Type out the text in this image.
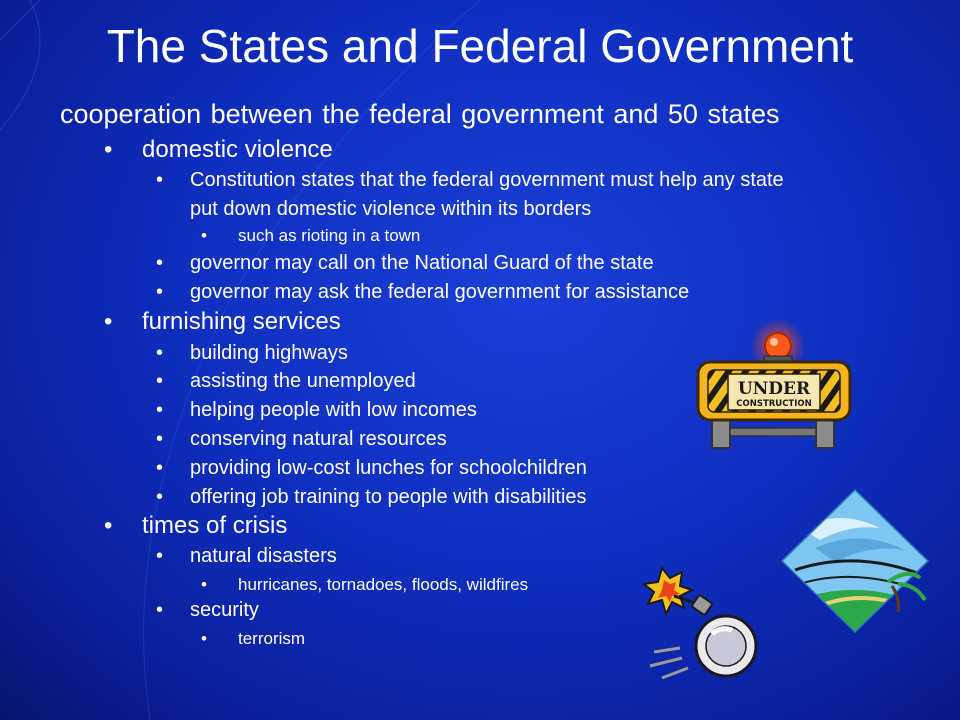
The States and Federal Government
cooperation between the federal government and 50 states
• domestic violence
• Constitution states that the federal government must help any state
put down domestic violence within its borders
• such as rioting in a town
• governor may call on the National Guard of the state
• governor may ask the federal government for assistance
• furnishing services
• building highways
• assisting the unemployed
• helping people with low incomes
• conserving natural resources
• providing low-cost lunches for schoolchildren
• offering job training to people with disabilities
• times of crisis
• natural disasters
• hurricanes, tornadoes, floods, wildfires
• security
• terrorism
UNDER
CONSTRUCTION
